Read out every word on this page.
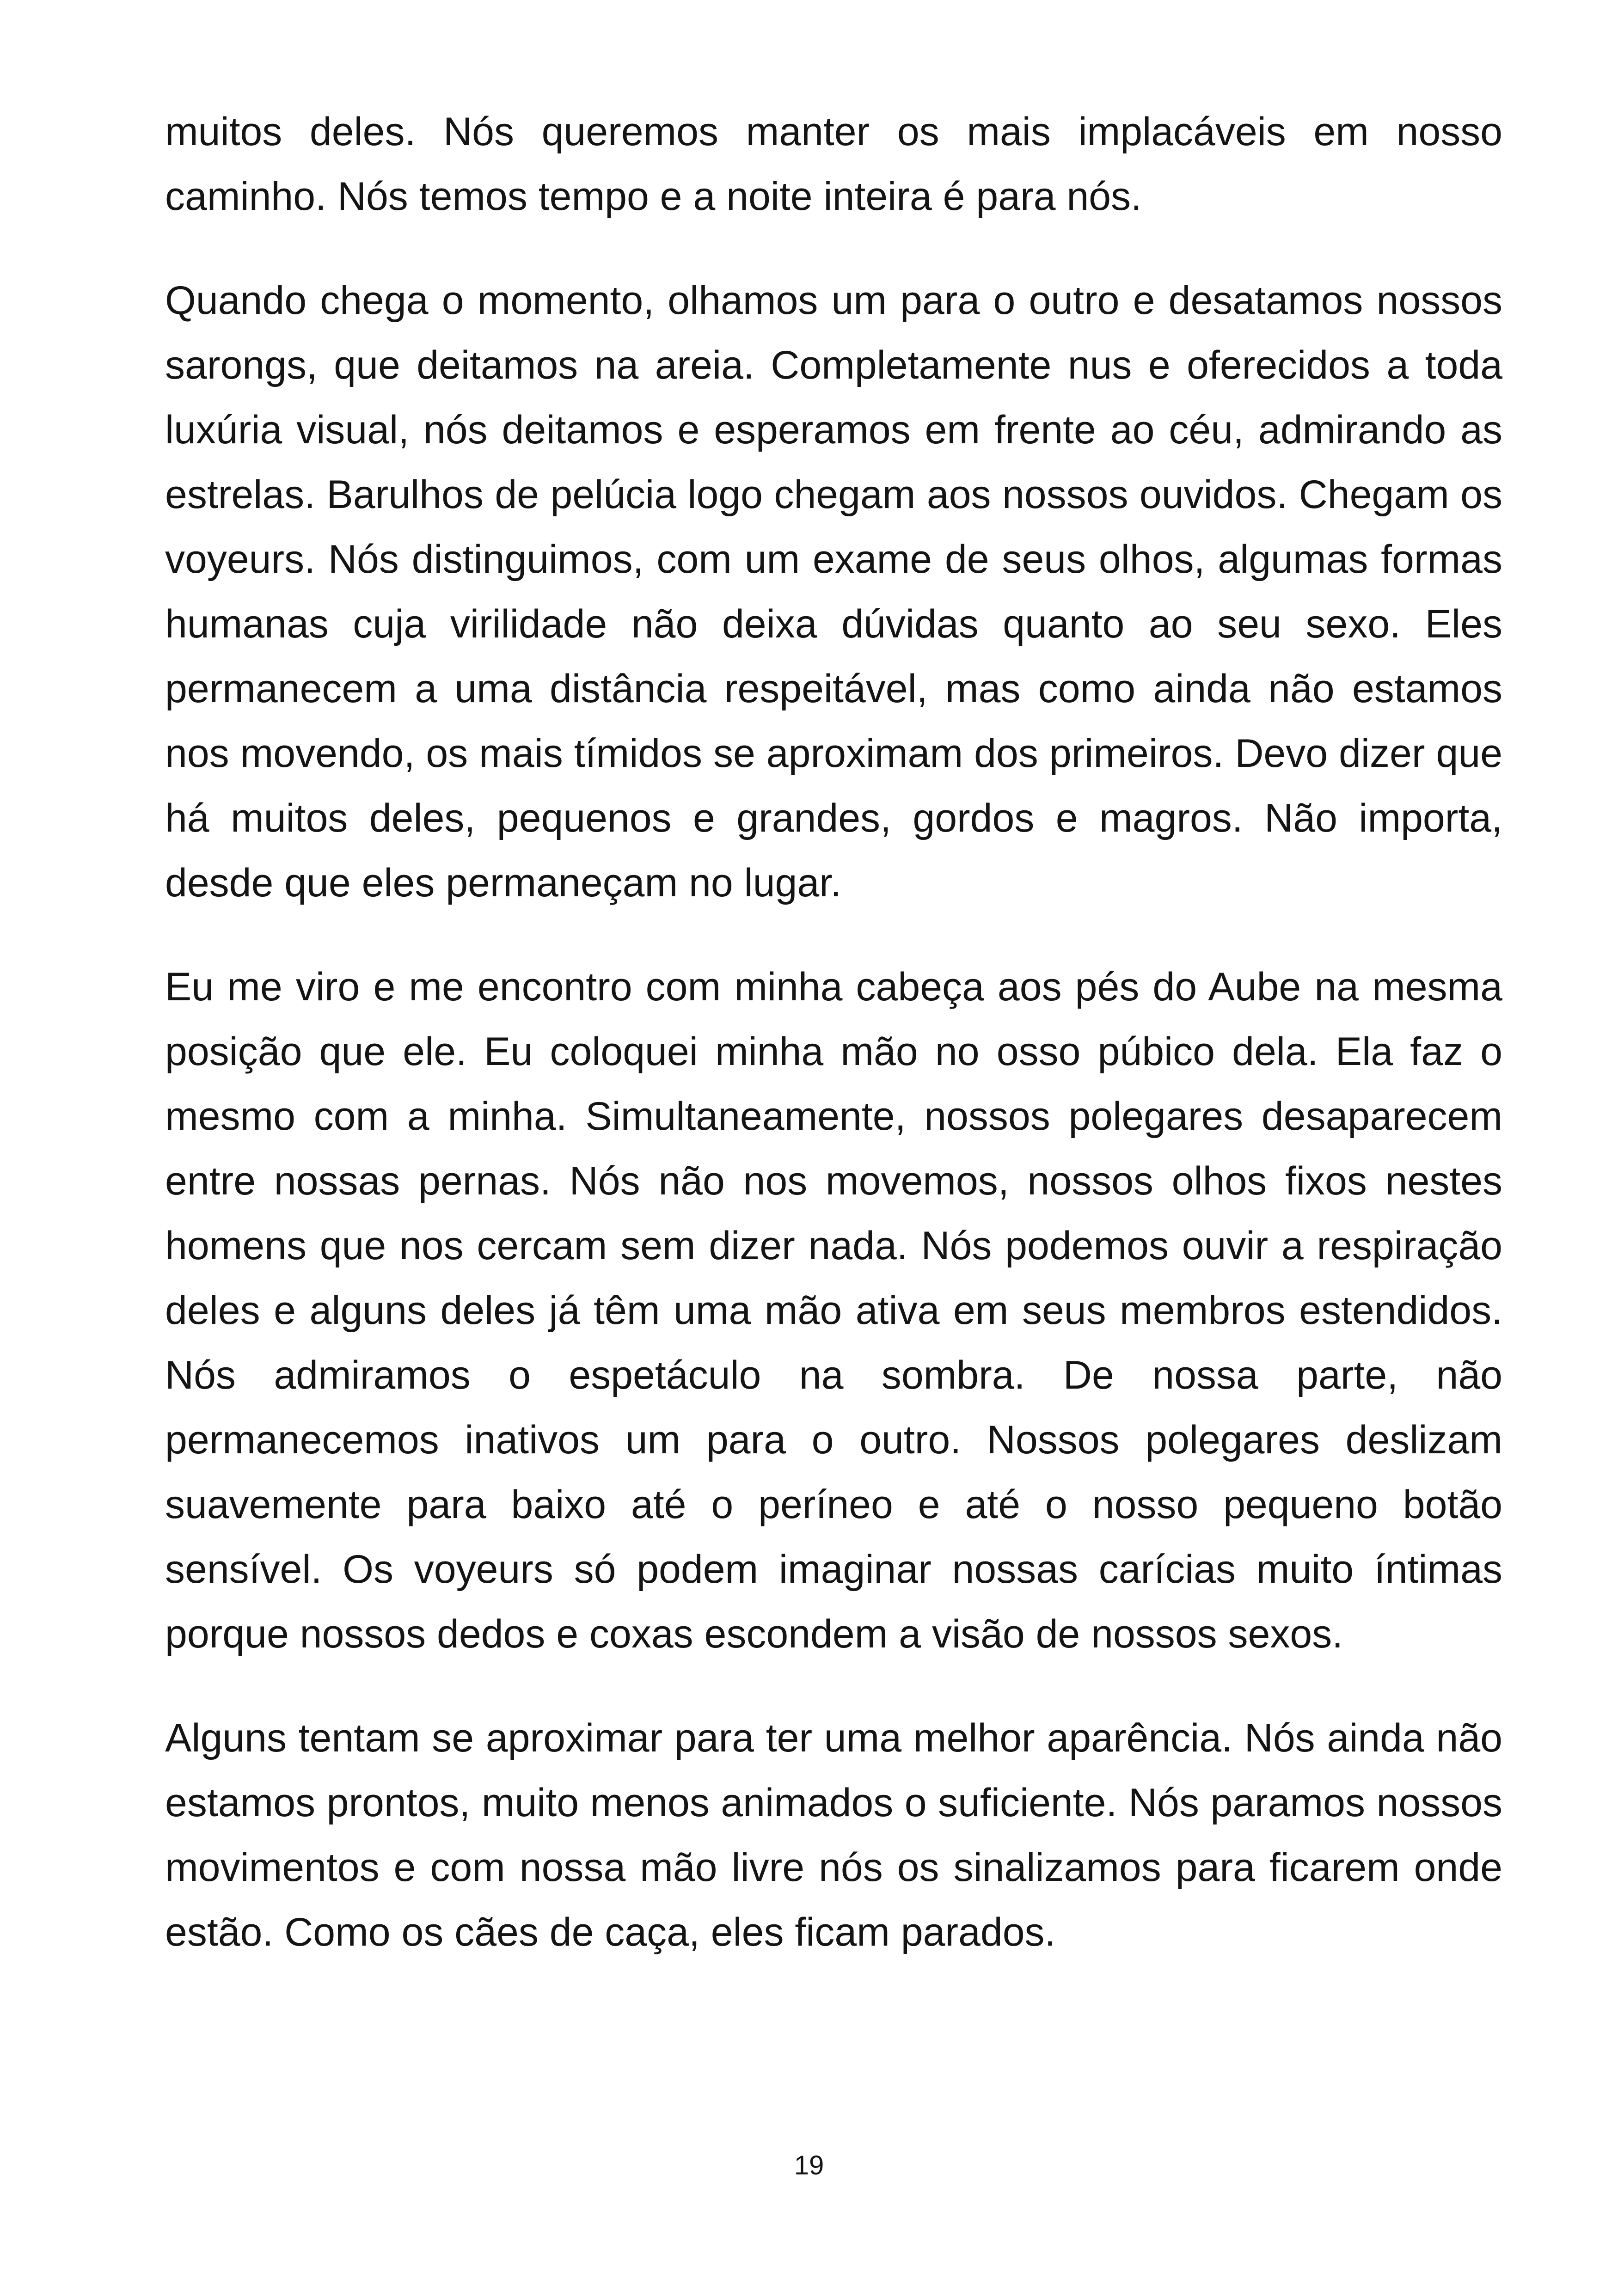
muitos deles. Nós queremos manter os mais implacáveis em nosso caminho. Nós temos tempo e a noite inteira é para nós.

Quando chega o momento, olhamos um para o outro e desatamos nossos sarongs, que deitamos na areia. Completamente nus e oferecidos a toda luxúria visual, nós deitamos e esperamos em frente ao céu, admirando as estrelas. Barulhos de pelúcia logo chegam aos nossos ouvidos. Chegam os voyeurs. Nós distinguimos, com um exame de seus olhos, algumas formas humanas cuja virilidade não deixa dúvidas quanto ao seu sexo. Eles permanecem a uma distância respeitável, mas como ainda não estamos nos movendo, os mais tímidos se aproximam dos primeiros. Devo dizer que há muitos deles, pequenos e grandes, gordos e magros. Não importa, desde que eles permaneçam no lugar.

Eu me viro e me encontro com minha cabeça aos pés do Aube na mesma posição que ele. Eu coloquei minha mão no osso púbico dela. Ela faz o mesmo com a minha. Simultaneamente, nossos polegares desaparecem entre nossas pernas. Nós não nos movemos, nossos olhos fixos nestes homens que nos cercam sem dizer nada. Nós podemos ouvir a respiração deles e alguns deles já têm uma mão ativa em seus membros estendidos. Nós admiramos o espetáculo na sombra. De nossa parte, não permanecemos inativos um para o outro. Nossos polegares deslizam suavemente para baixo até o períneo e até o nosso pequeno botão sensível. Os voyeurs só podem imaginar nossas carícias muito íntimas porque nossos dedos e coxas escondem a visão de nossos sexos.

Alguns tentam se aproximar para ter uma melhor aparência. Nós ainda não estamos prontos, muito menos animados o suficiente. Nós paramos nossos movimentos e com nossa mão livre nós os sinalizamos para ficarem onde estão. Como os cães de caça, eles ficam parados.

19
